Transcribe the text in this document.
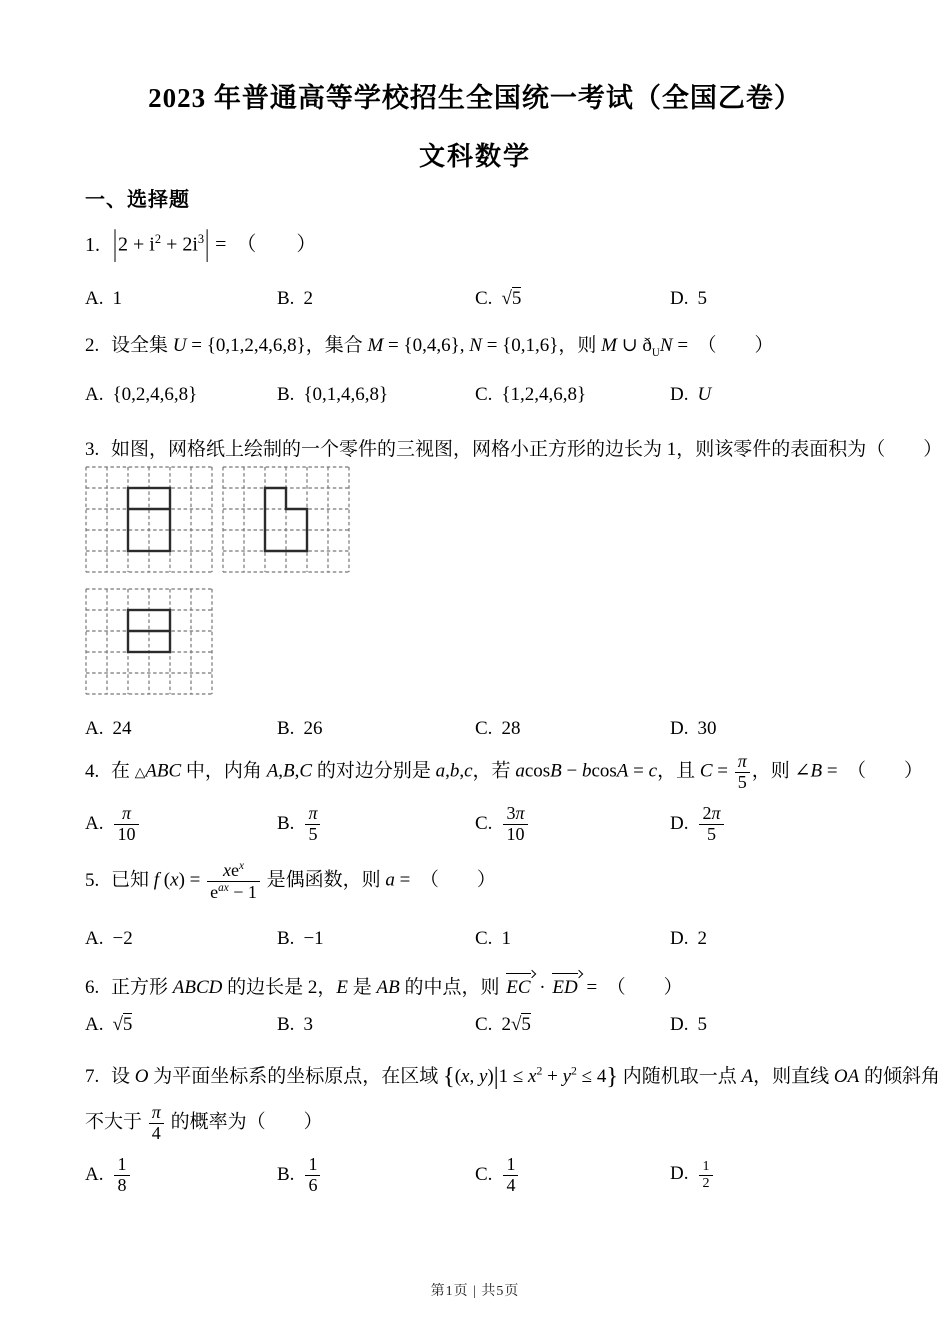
2023 年普通高等学校招生全国统一考试（全国乙卷）
文科数学
一、选择题
1. $|2 + i^2 + 2i^3|$ =　（　　）
A. 1	B. 2	C. √5	D. 5
2. 设全集 U = {0,1,2,4,6,8}，集合 M = {0,4,6}, N = {0,1,6}，则 M ∪ $ð_UN$ =　（　　）
A. {0,2,4,6,8}	B. {0,1,4,6,8}	C. {1,2,4,6,8}	D. U
3. 如图，网格纸上绘制的一个零件的三视图，网格小正方形的边长为 1，则该零件的表面积为（　　）
A. 24	B. 26	C. 28	D. 30
4. 在 △ABC 中，内角 A,B,C 的对边分别是 a,b,c，若 acosB − bcosA = c，且 $C = \frac{\pi}{5}$ ，则 ∠B =　（　　）
A. $\frac{\pi}{10}$	B. $\frac{\pi}{5}$	C. $\frac{3\pi}{10}$	D. $\frac{2\pi}{5}$
5. 已知 f $(x) = \frac{xe^x}{e^{ax} - 1}$ 是偶函数，则 a =　（　　）
A. −2	B. −1	C. 1	D. 2
6. 正方形 ABCD 的边长是 2，E 是 AB 的中点，则 EC · ED =　（　　）
A. √5	B. 3	C. 2√5	D. 5
7. 设 O 为平面坐标系的坐标原点，在区域 {(x, $y)|1 \le x^2 + y^2 \le 4$} 内随机取一点 A，则直线 OA 的倾斜角
不大于 $\frac{\pi}{4}$ 的概率为（　　）
A. $\frac{1}{8}$	B. $\frac{1}{6}$	C. $\frac{1}{4}$	D. $\frac{1}{2}$
第1页 | 共5页
